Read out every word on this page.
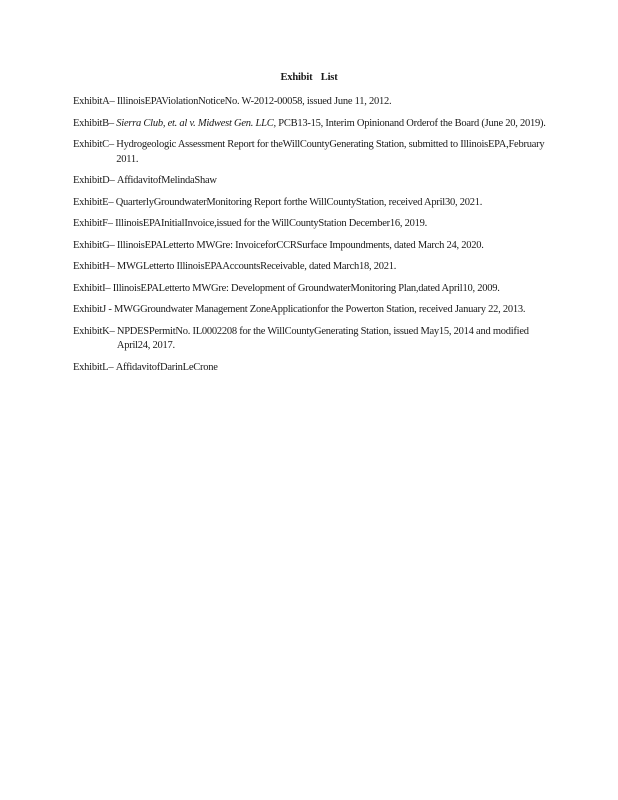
Exhibit List
ExhibitA – IllinoisEPAViolationNoticeNo. W-2012-00058, issued June 11, 2012.
ExhibitB – Sierra Club, et. al v. Midwest Gen. LLC, PCB13-15, Interim Opinionand Orderof the Board (June 20, 2019).
ExhibitC – Hydrogeologic Assessment Report for theWillCountyGenerating Station, submitted to IllinoisEPA,February 2011.
ExhibitD – AffidavitofMelindaShaw
ExhibitE – QuarterlyGroundwaterMonitoring Report forthe WillCountyStation, received April30, 2021.
ExhibitF – IllinoisEPAInitialInvoice,issued for the WillCountyStation December16, 2019.
ExhibitG – IllinoisEPALetterto MWGre: InvoiceforCCRSurface Impoundments, dated March 24, 2020.
ExhibitH – MWGLetterto IllinoisEPAAccountsReceivable, dated March18, 2021.
ExhibitI – IllinoisEPALetterto MWGre: Development of GroundwaterMonitoring Plan,dated April10, 2009.
ExhibitJ - MWGGroundwater Management ZoneApplicationfor the Powerton Station, received January 22, 2013.
ExhibitK – NPDESPermitNo. IL0002208 for the WillCountyGenerating Station, issued May15, 2014 and modified April24, 2017.
ExhibitL – AffidavitofDarinLeCrone
